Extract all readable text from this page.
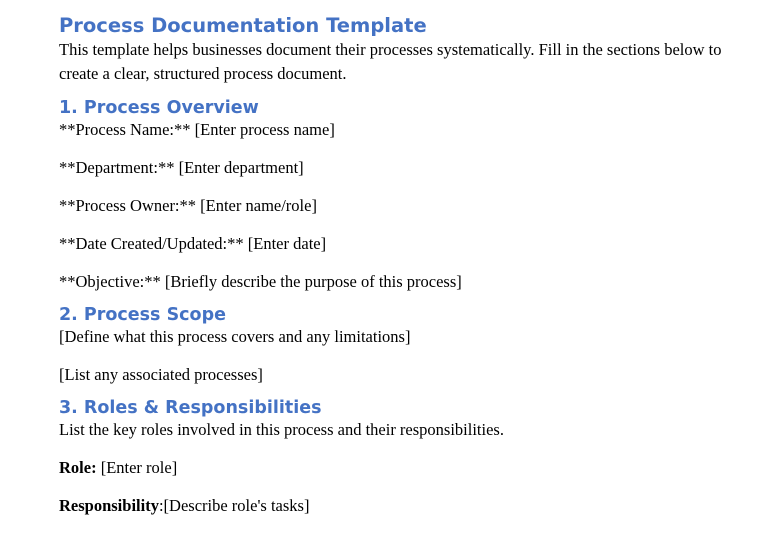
Process Documentation Template

This template helps businesses document their processes systematically. Fill in the sections below to create a clear, structured process document.

1. Process Overview

**Process Name:** [Enter process name]

**Department:** [Enter department]

**Process Owner:** [Enter name/role]

**Date Created/Updated:** [Enter date]

**Objective:** [Briefly describe the purpose of this process]

2. Process Scope

[Define what this process covers and any limitations]

[List any associated processes]

3. Roles & Responsibilities

List the key roles involved in this process and their responsibilities.

Role: [Enter role]

Responsibility:[Describe role's tasks]
